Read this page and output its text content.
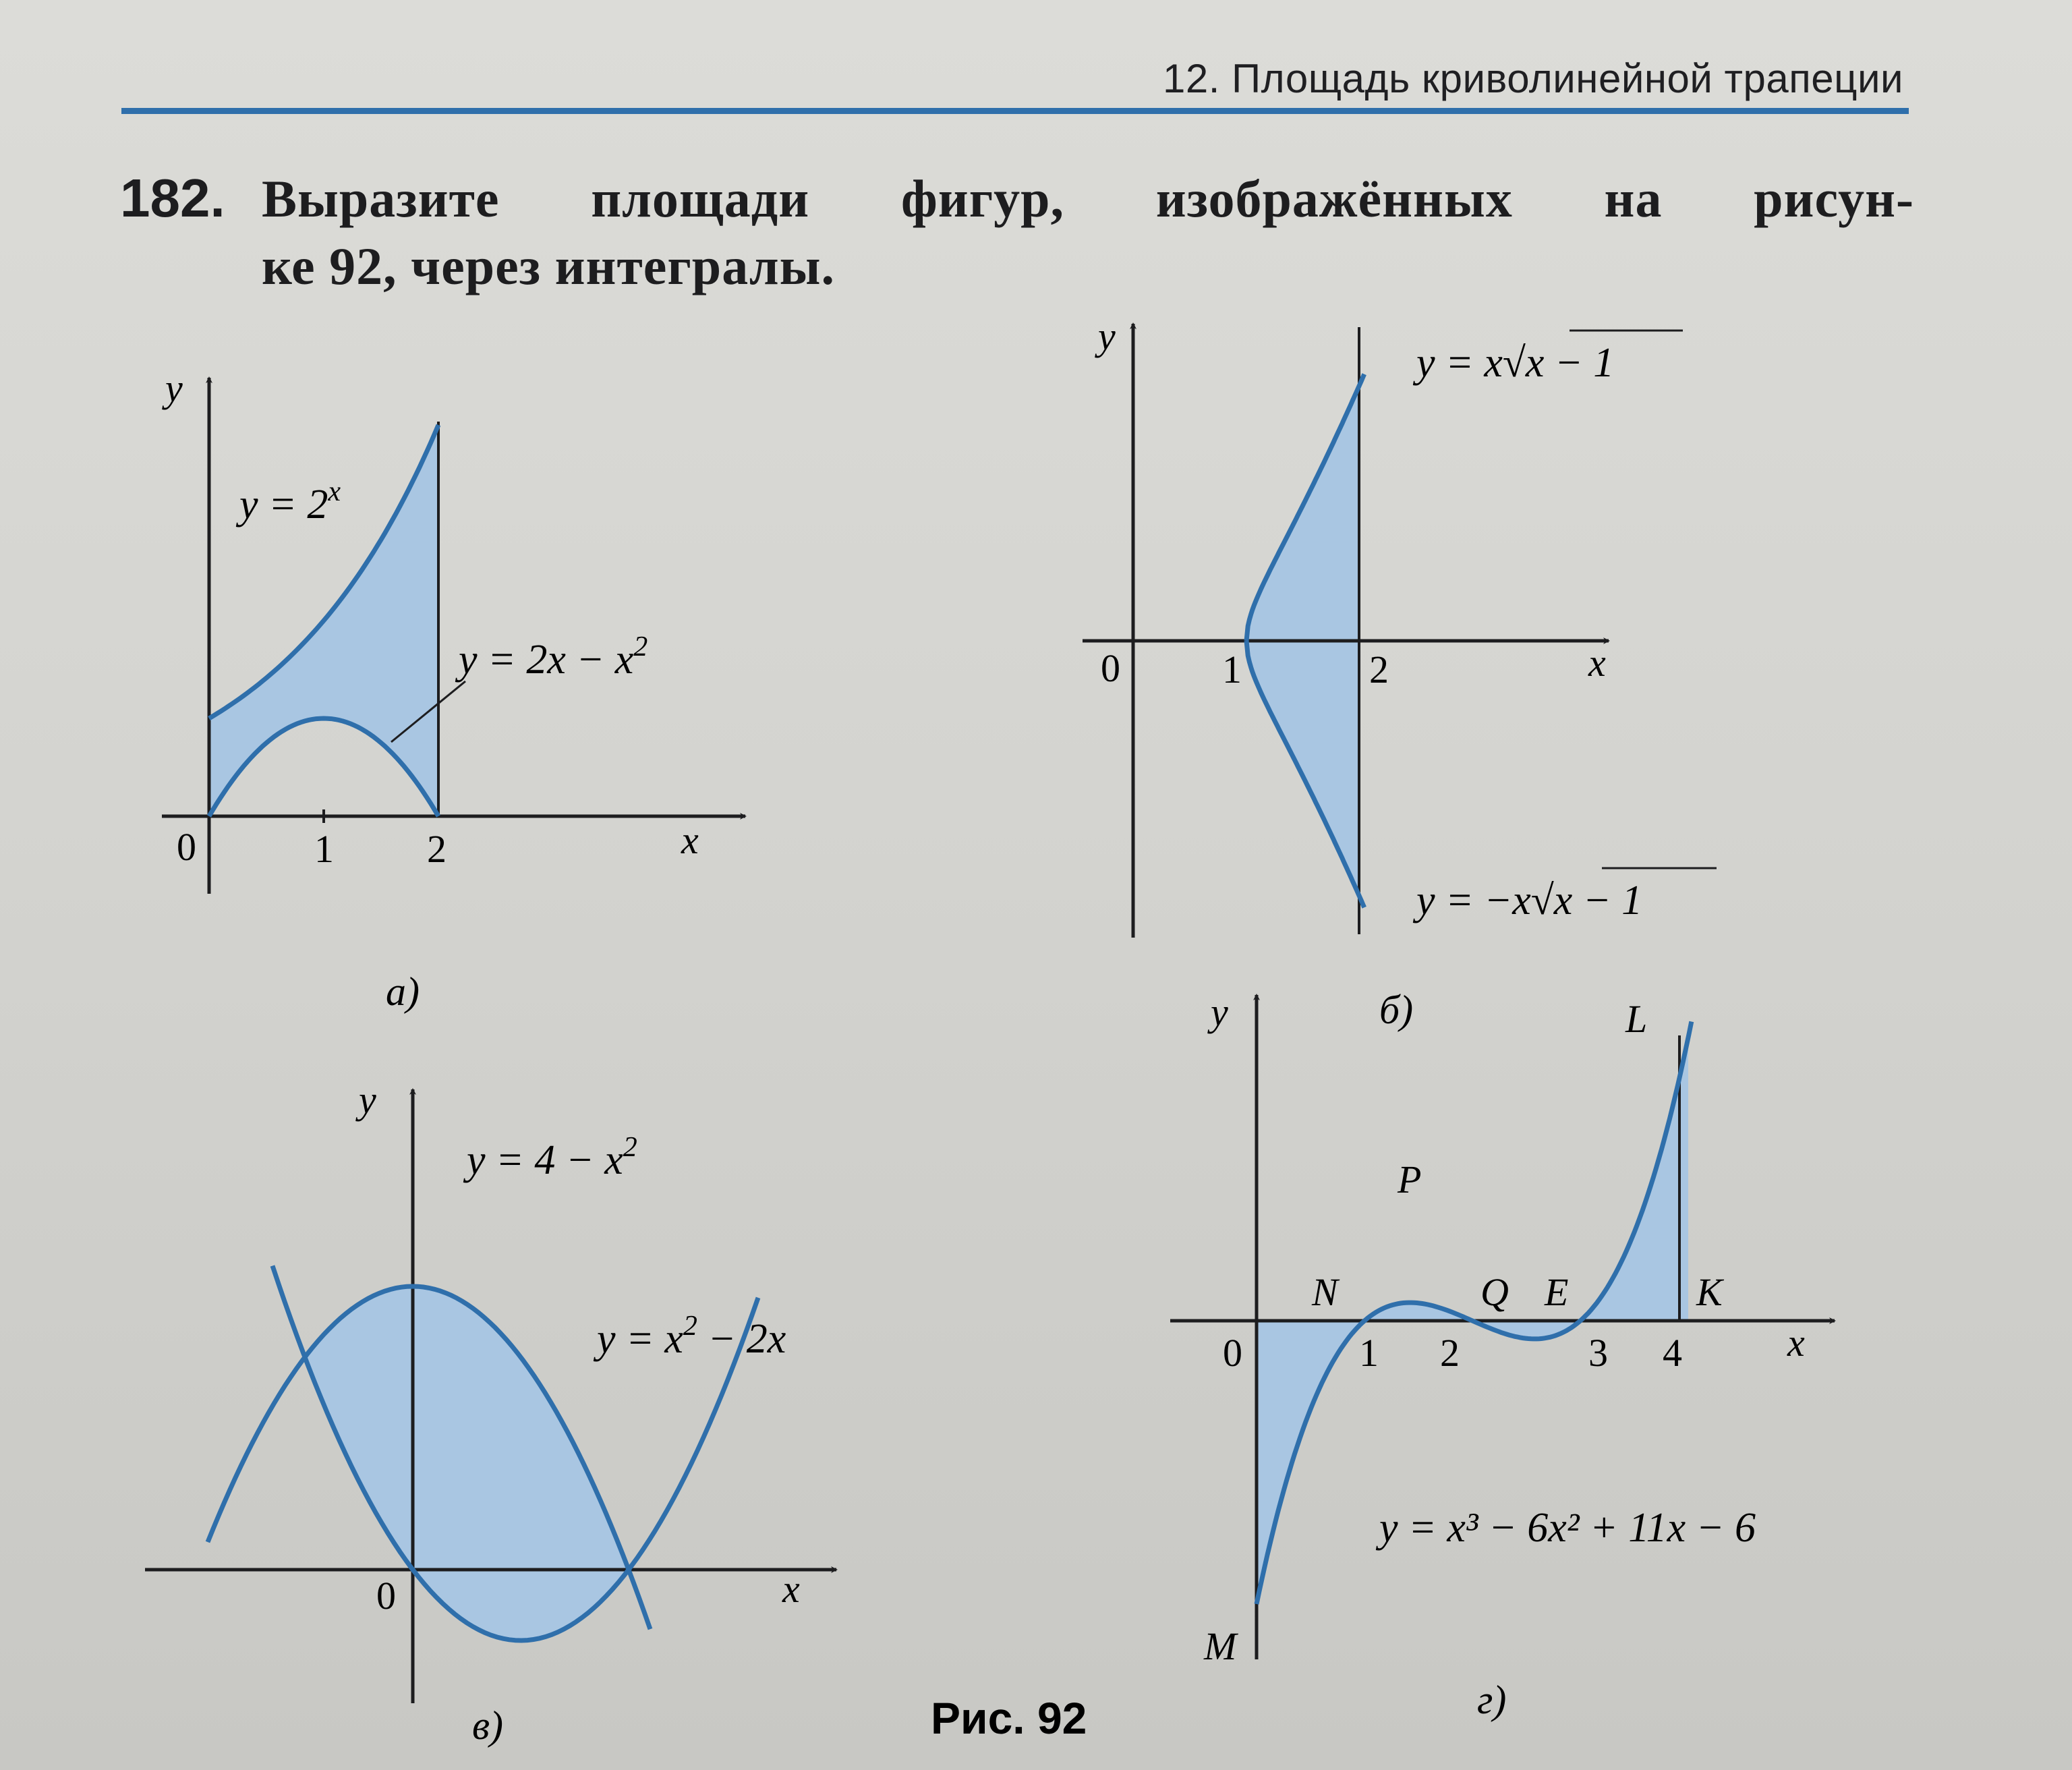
12. Площадь криволинейной трапеции
182. Выразите площади фигур, изображённых на рисун-
ке 92, через интегралы.
y
x
0	1 2
$y = 2^x$
$y = 2x - x^2$
а)
y
x
0	1	2
y = x√x − 1
y = −x√x − 1
б)
y
x
0
$y = 4 - x^2$
$y = x^2 - 2x$
в)	Рис. 92
y
x
0	1 2	3 4
N
P
Q E	K
L
M
y = x³ − 6x² + 11x − 6
г)
